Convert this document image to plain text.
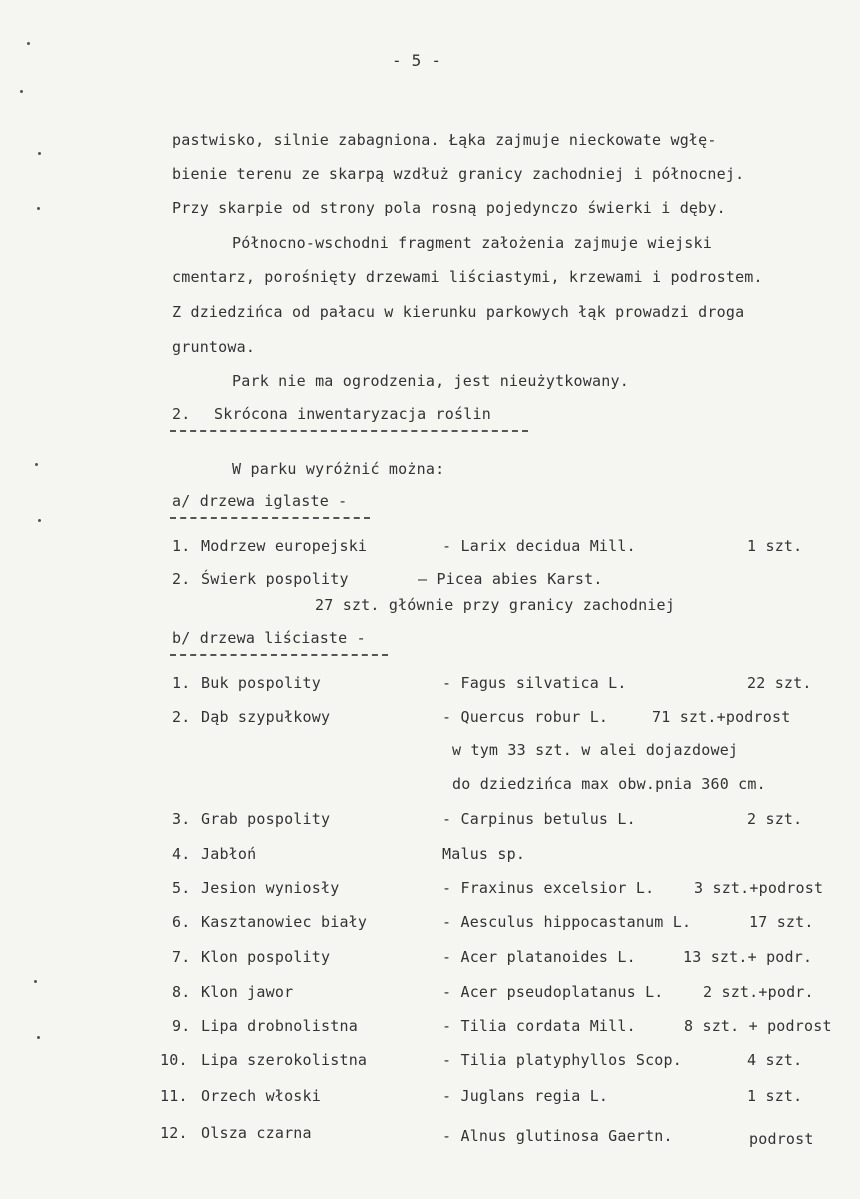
- 5 -
pastwisko, silnie zabagniona. Łąka zajmuje nieckowate wgłę-
bienie terenu ze skarpą wzdłuż granicy zachodniej i północnej.
Przy skarpie od strony pola rosną pojedynczo świerki i dęby.
Północno-wschodni fragment założenia zajmuje wiejski
cmentarz, porośnięty drzewami liściastymi, krzewami i podrostem.
Z dziedzińca od pałacu w kierunku parkowych łąk prowadzi droga
gruntowa.
Park nie ma ogrodzenia, jest nieużytkowany.
2. Skrócona inwentaryzacja roślin
W parku wyróżnić można:
a/ drzewa iglaste -
1. Modrzew europejski	- Larix decidua Mill.	1 szt.
2. Świerk pospolity	– Picea abies Karst.
27 szt. głównie przy granicy zachodniej
b/ drzewa liściaste -
1. Buk pospolity	- Fagus silvatica L.	22 szt.
2. Dąb szypułkowy	- Quercus robur L.	71 szt.+podrost
w tym 33 szt. w alei dojazdowej
do dziedzińca max obw.pnia 360 cm.
3. Grab pospolity	- Carpinus betulus L.	2 szt.
4. Jabłoń	Malus sp.
5. Jesion wyniosły	- Fraxinus excelsior L.	3 szt.+podrost
6. Kasztanowiec biały	- Aesculus hippocastanum L.	17 szt.
7. Klon pospolity	- Acer platanoides L.	13 szt.+ podr.
8. Klon jawor	- Acer pseudoplatanus L.	2 szt.+podr.
9. Lipa drobnolistna	- Tilia cordata Mill.	8 szt. + podrost
10. Lipa szerokolistna	- Tilia platyphyllos Scop.	4 szt.
11. Orzech włoski	- Juglans regia L.	1 szt.
12. Olsza czarna	- Alnus glutinosa Gaertn.	podrost
